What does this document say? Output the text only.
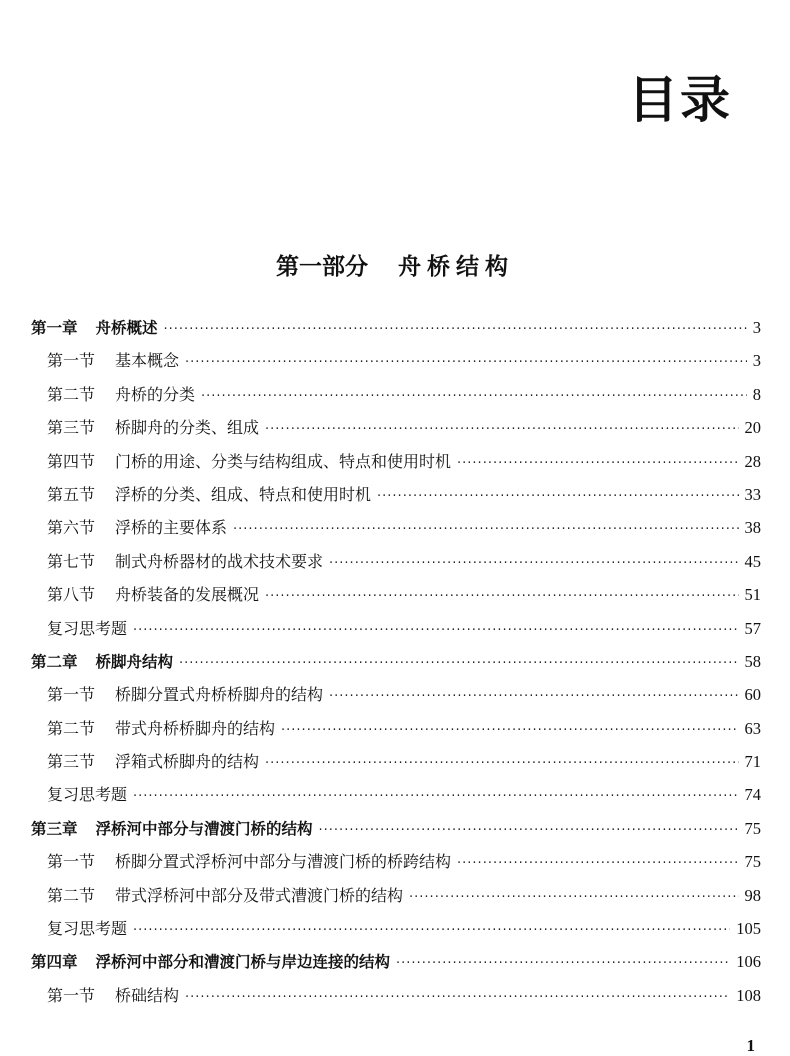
目录
第一部分 舟桥结构
第一章 舟桥概述 ·····	3
第一节 基本概念 ·····	3
第二节 舟桥的分类 ·····	8
第三节 桥脚舟的分类、组成 ·····	20
第四节 门桥的用途、分类与结构组成、特点和使用时机 ·····	28
第五节 浮桥的分类、组成、特点和使用时机 ·····	33
第六节 浮桥的主要体系 ·····	38
第七节 制式舟桥器材的战术技术要求 ·····	45
第八节 舟桥装备的发展概况 ·····	51
复习思考题 ·····	57
第二章 桥脚舟结构 ·····	58
第一节 桥脚分置式舟桥桥脚舟的结构 ·····	60
第二节 带式舟桥桥脚舟的结构 ·····	63
第三节 浮箱式桥脚舟的结构 ·····	71
复习思考题 ·····	74
第三章 浮桥河中部分与漕渡门桥的结构 ·····	75
第一节 桥脚分置式浮桥河中部分与漕渡门桥的桥跨结构 ·····	75
第二节 带式浮桥河中部分及带式漕渡门桥的结构 ·····	98
复习思考题 ·····	105
第四章 浮桥河中部分和漕渡门桥与岸边连接的结构 ·····	106
第一节 桥础结构 ·····	108
1
